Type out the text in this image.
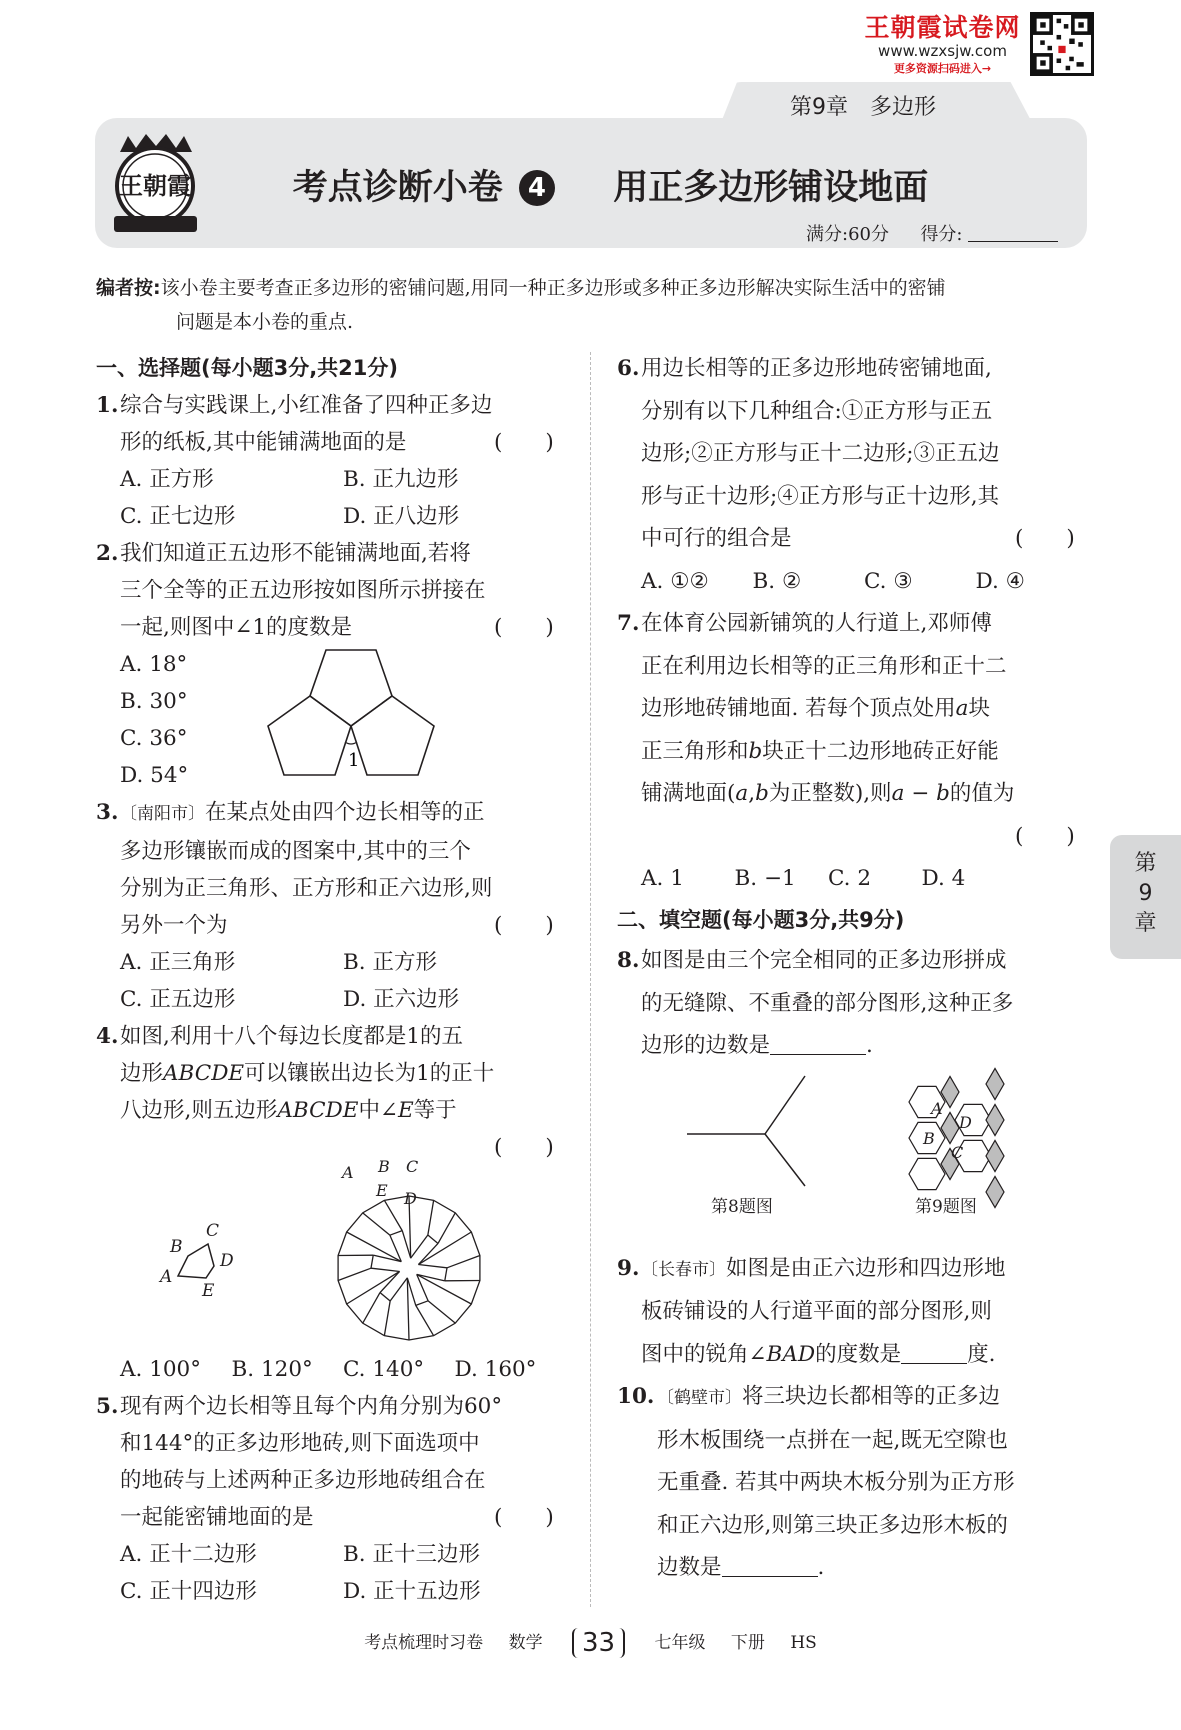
王朝霞试卷网
www.wzxsjw.com
更多资源扫码进入→
第9章　多边形
王朝霞	考点诊断小卷 4 用正多边形铺设地面
满分:60分 得分:
编者按:该小卷主要考查正多边形的密铺问题,用同一种正多边形或多种正多边形解决实际生活中的密铺
问题是本小卷的重点.
一、选择题(每小题3分,共21分)
1. 综合与实践课上,小红准备了四种正多边
(　　)
形的纸板,其中能铺满地面的是
A. 正方形	B. 正九边形
C. 正七边形	D. 正八边形
2. 我们知道正五边形不能铺满地面,若将
三个全等的正五边形按如图所示拼接在
(　　)
一起,则图中∠1的度数是
A. 18°
B. 30°
C. 36°
D. 54°
1
3. 〔南阳市〕在某点处由四个边长相等的正
多边形镶嵌而成的图案中,其中的三个
分别为正三角形、正方形和正六边形,则
(　　)
另外一个为
A. 正三角形	B. 正方形
C. 正五边形	D. 正六边形
4. 如图,利用十八个每边长度都是1的五
边形ABCDE可以镶嵌出边长为1的正十
八边形,则五边形ABCDE中∠E等于
(　　)
A
B
C
D
E
A B C
E D
A. 100°	B. 120°	C. 140°	D. 160°
5. 现有两个边长相等且每个内角分别为60°
和144°的正多边形地砖,则下面选项中
的地砖与上述两种正多边形地砖组合在
(　　)
一起能密铺地面的是
A. 正十二边形	B. 正十三边形
C. 正十四边形	D. 正十五边形
6. 用边长相等的正多边形地砖密铺地面,
分别有以下几种组合:①正方形与正五
边形;②正方形与正十二边形;③正五边
形与正十边形;④正方形与正十边形,其
(　　)
中可行的组合是
A. ①②	B. ②	C. ③	D. ④
7. 在体育公园新铺筑的人行道上,邓师傅
正在利用边长相等的正三角形和正十二
边形地砖铺地面. 若每个顶点处用a块
正三角形和b块正十二边形地砖正好能
铺满地面(a,b为正整数),则a − b的值为
(　　)
A. 1	B. −1	C. 2	D. 4
二、填空题(每小题3分,共9分)
8. 如图是由三个完全相同的正多边形拼成
的无缝隙、不重叠的部分图形,这种正多
边形的边数是	.
第8题图
A
D
B
C
第9题图
9. 〔长春市〕如图是由正六边形和四边形地
板砖铺设的人行道平面的部分图形,则
图中的锐角∠BAD的度数是	度.
10. 〔鹤壁市〕将三块边长都相等的正多边
形木板围绕一点拼在一起,既无空隙也
无重叠. 若其中两块木板分别为正方形
和正六边形,则第三块正多边形木板的
边数是	.
第
9
章
考点梳理时习卷 数学 33 七年级 下册 HS
